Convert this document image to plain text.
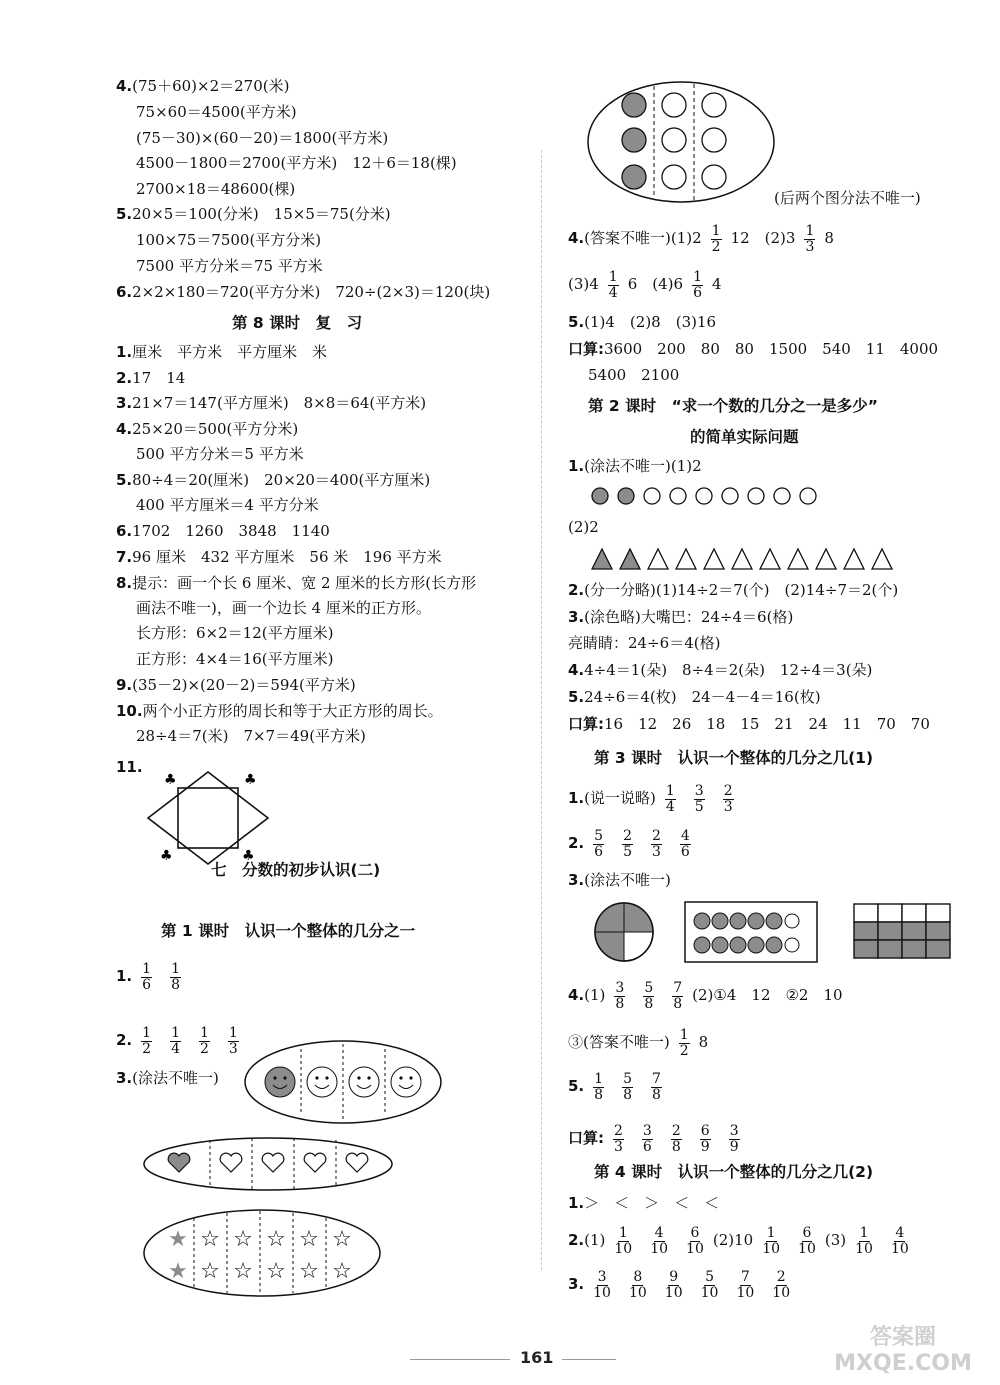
4.(75＋60)×2＝270(米)
75×60＝4500(平方米)
(75－30)×(60－20)＝1800(平方米)
4500－1800＝2700(平方米)　12＋6＝18(棵)
2700×18＝48600(棵)
5.20×5＝100(分米)　15×5＝75(分米)
100×75＝7500(平方分米)
7500 平方分米＝75 平方米
6.2×2×180＝720(平方分米)　720÷(2×3)＝120(块)
第 8 课时　复　习
1.厘米　平方米　平方厘米　米
2.17　14
3.21×7＝147(平方厘米)　8×8＝64(平方米)
4.25×20＝500(平方分米)
500 平方分米＝5 平方米
5.80÷4＝20(厘米)　20×20＝400(平方厘米)
400 平方厘米＝4 平方分米
6.1702　1260　3848　1140
7.96 厘米　432 平方厘米　56 米　196 平方米
8.提示：画一个长 6 厘米、宽 2 厘米的长方形(长方形
画法不唯一)，画一个边长 4 厘米的正方形。
长方形：6×2＝12(平方厘米)
正方形：4×4＝16(平方厘米)
9.(35－2)×(20－2)＝594(平方米)
10.两个小正方形的周长和等于大正方形的周长。
28÷4＝7(米)　7×7＝49(平方米)
11.
七　分数的初步认识(二)
第 1 课时　认识一个整体的几分之一
1. $\frac{1}{6} \frac{1}{8}$
2. $\frac{1}{2} \frac{1}{4} \frac{1}{2} \frac{1}{3}$
3.(涂法不唯一)
♣	♣
♣	♣
★
★
☆
☆
☆
☆
☆
☆
☆
☆
☆
☆
(后两个图分法不唯一)
4.(答案不唯一)$(1)2 \frac{1}{2} 12$　$(2)3 \frac{1}{3} 8$
$(3)4 \frac{1}{4} 6$　$(4)6 \frac{1}{6} 4$
5.(1)4　(2)8　(3)16
口算:3600　200　80　80　1500　540　11　4000
5400　2100
第 2 课时　“求一个数的几分之一是多少”
的简单实际问题
1.(涂法不唯一)(1)2
(2)2
2.(分一分略)(1)14÷2＝7(个)　(2)14÷7＝2(个)
3.(涂色略)大嘴巴：24÷4＝6(格)
亮睛睛：24÷6＝4(格)
4.4÷4＝1(朵)　8÷4＝2(朵)　12÷4＝3(朵)
5.24÷6＝4(枚)　24－4－4＝16(枚)
口算:16　12　26　18　15　21　24　11　70　70
第 3 课时　认识一个整体的几分之几(1)
1.(说一说略) $\frac{1}{4} \frac{3}{5} \frac{2}{3}$
2. $\frac{5}{6} \frac{2}{5} \frac{2}{3} \frac{4}{6}$
3.(涂法不唯一)
$4.(1) \frac{3}{8} \frac{5}{8} \frac{7}{8}$ (2)①4　12　②2　10
③(答案不唯一) $\frac{1}{2} 8$
5. $\frac{1}{8} \frac{5}{8} \frac{7}{8}$
口算: $\frac{2}{3} \frac{3}{6} \frac{2}{8} \frac{6}{9} \frac{3}{9}$
第 4 课时　认识一个整体的几分之几(2)
1.＞　＜　＞　＜　＜
$2.(1) \frac{1}{10} \frac{4}{10} \frac{6}{10} (2)10 \frac{1}{10} \frac{6}{10} (3) \frac{1}{10} \frac{4}{10}$
3. $\frac{3}{10} \frac{8}{10} \frac{9}{10} \frac{5}{10} \frac{7}{10} \frac{2}{10}$
161
答案圈 MXQE.COM
